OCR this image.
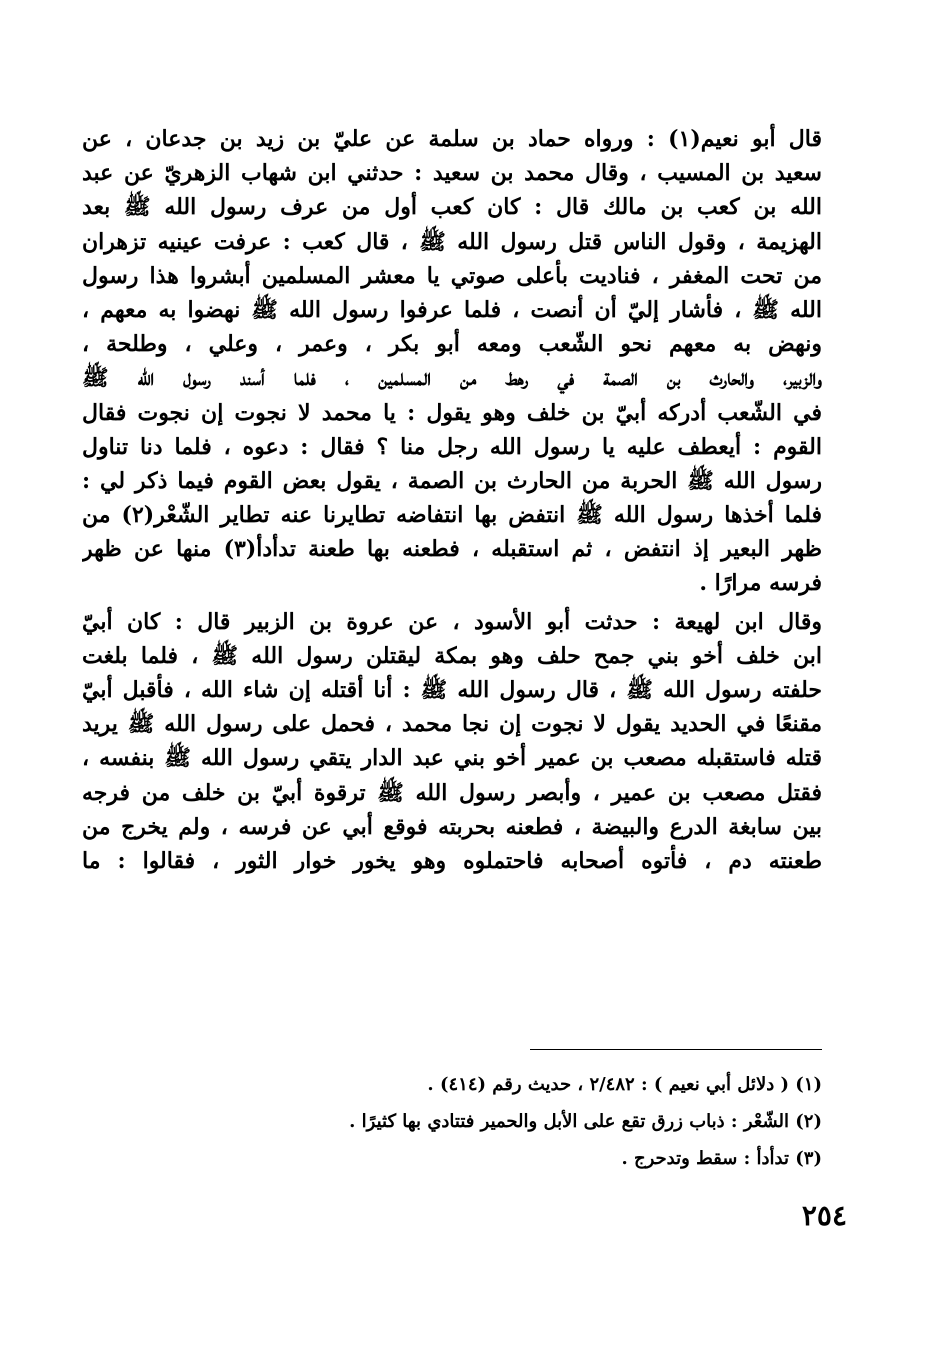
قال أبو نعيم(١) : ورواه حماد بن سلمة عن عليّ بن زيد بن جدعان ، عن
سعيد بن المسيب ، وقال محمد بن سعيد : حدثني ابن شهاب الزهريّ عن عبد
الله بن كعب بن مالك قال : كان كعب أول من عرف رسول الله ﷺ بعد
الهزيمة ، وقول الناس قتل رسول الله ﷺ ، قال كعب : عرفت عينيه تزهران
من تحت المغفر ، فناديت بأعلى صوتي يا معشر المسلمين أبشروا هذا رسول
الله ﷺ ، فأشار إليّ أن أنصت ، فلما عرفوا رسول الله ﷺ نهضوا به معهم ،
ونهض به معهم نحو الشّعب ومعه أبو بكر ، وعمر ، وعلي ، وطلحة ،
والزبير، والحارث بن الصمة في رهط من المسلمين ، فلما أسند رسول الله ﷺ
في الشّعب أدركه أبيّ بن خلف وهو يقول : يا محمد لا نجوت إن نجوت فقال
القوم : أيعطف عليه يا رسول الله رجل منا ؟ فقال : دعوه ، فلما دنا تناول
رسول الله ﷺ الحربة من الحارث بن الصمة ، يقول بعض القوم فيما ذكر لي :
فلما أخذها رسول الله ﷺ انتفض بها انتفاضه تطايرنا عنه تطاير الشّعْر(٢) من
ظهر البعير إذ انتفض ، ثم استقبله ، فطعنه بها طعنة تدأدأ(٣) منها عن ظهر
فرسه مرارًا .
وقال ابن لهيعة : حدثت أبو الأسود ، عن عروة بن الزبير قال : كان أبيّ
ابن خلف أخو بني جمح حلف وهو بمكة ليقتلن رسول الله ﷺ ، فلما بلغت
حلفته رسول الله ﷺ ، قال رسول الله ﷺ : أنا أقتله إن شاء الله ، فأقبل أبيّ
مقنعًا في الحديد يقول لا نجوت إن نجا محمد ، فحمل على رسول الله ﷺ يريد
قتله فاستقبله مصعب بن عمير أخو بني عبد الدار يتقي رسول الله ﷺ بنفسه ،
فقتل مصعب بن عمير ، وأبصر رسول الله ﷺ ترقوة أبيّ بن خلف من فرجه
بين سابغة الدرع والبيضة ، فطعنه بحربته فوقع أبي عن فرسه ، ولم يخرج من
طعنته دم ، فأتوه أصحابه فاحتملوه وهو يخور خوار الثور ، فقالوا : ما
(١) ( دلائل أبي نعيم ) : ٢/٤٨٢ ، حديث رقم (٤١٤) .
(٢) الشّعْر : ذباب زرق تقع على الأبل والحمير فتتادي بها كثيرًا .
(٣) تدأدأ : سقط وتدحرج .
٢٥٤
